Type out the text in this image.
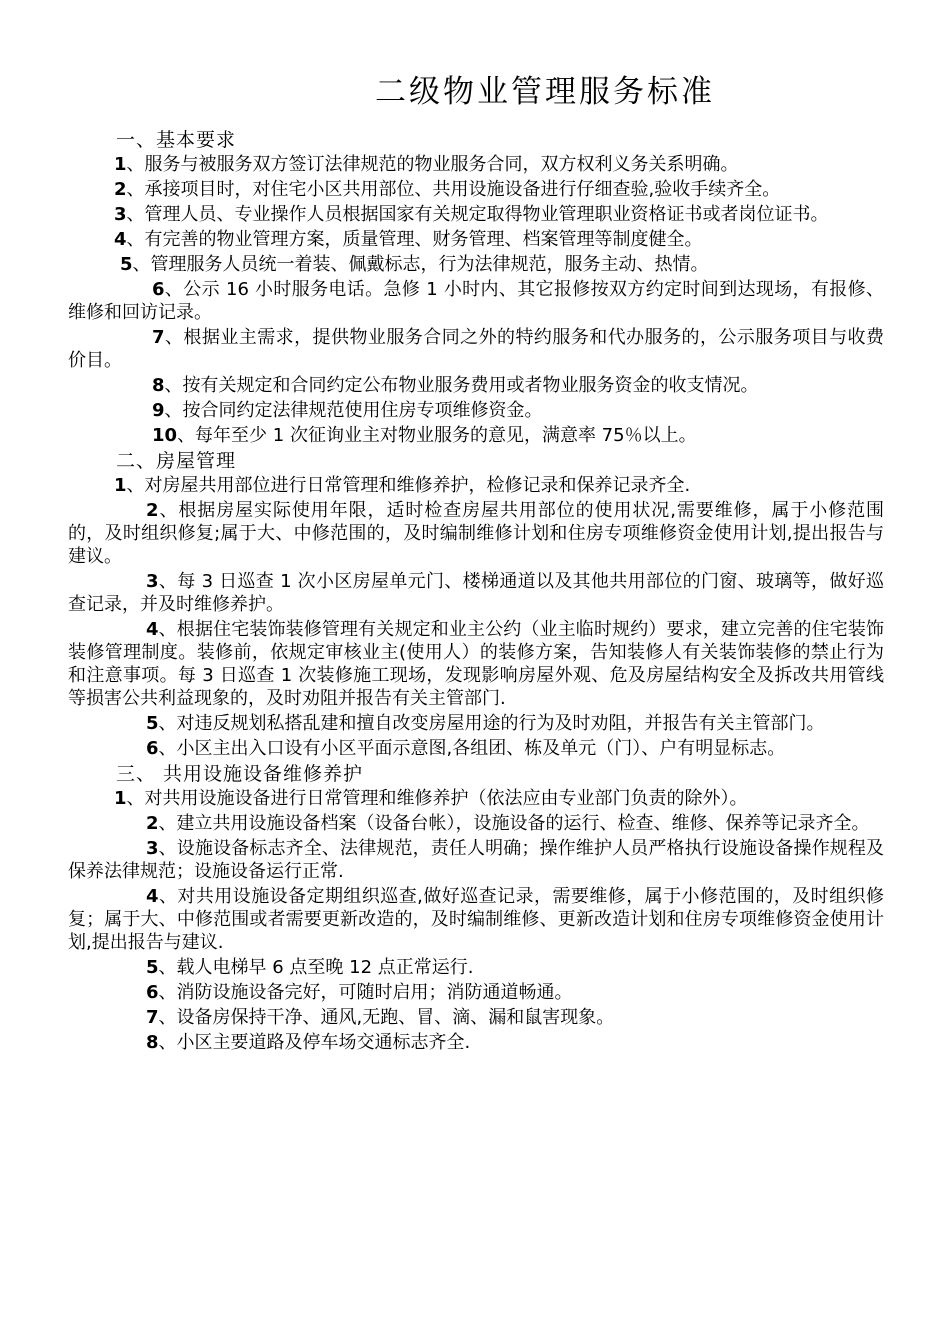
二级物业管理服务标准
一、基本要求
1、服务与被服务双方签订法律规范的物业服务合同，双方权利义务关系明确。
2、承接项目时，对住宅小区共用部位、共用设施设备进行仔细查验,验收手续齐全。
3、管理人员、专业操作人员根据国家有关规定取得物业管理职业资格证书或者岗位证书。
4、有完善的物业管理方案，质量管理、财务管理、档案管理等制度健全。
5、管理服务人员统一着装、佩戴标志，行为法律规范，服务主动、热情。
6、公示 16 小时服务电话。急修 1 小时内、其它报修按双方约定时间到达现场，有报修、维修和回访记录。
7、根据业主需求，提供物业服务合同之外的特约服务和代办服务的，公示服务项目与收费价目。
8、按有关规定和合同约定公布物业服务费用或者物业服务资金的收支情况。
9、按合同约定法律规范使用住房专项维修资金。
10、每年至少 1 次征询业主对物业服务的意见，满意率 75％以上。
二、房屋管理
1、对房屋共用部位进行日常管理和维修养护，检修记录和保养记录齐全.
2、根据房屋实际使用年限，适时检查房屋共用部位的使用状况,需要维修，属于小修范围的，及时组织修复;属于大、中修范围的，及时编制维修计划和住房专项维修资金使用计划,提出报告与建议。
3、每 3 日巡查 1 次小区房屋单元门、楼梯通道以及其他共用部位的门窗、玻璃等，做好巡查记录，并及时维修养护。
4、根据住宅装饰装修管理有关规定和业主公约（业主临时规约）要求，建立完善的住宅装饰装修管理制度。装修前，依规定审核业主(使用人）的装修方案，告知装修人有关装饰装修的禁止行为和注意事项。每 3 日巡查 1 次装修施工现场，发现影响房屋外观、危及房屋结构安全及拆改共用管线等损害公共利益现象的，及时劝阻并报告有关主管部门.
5、对违反规划私搭乱建和擅自改变房屋用途的行为及时劝阻，并报告有关主管部门。
6、小区主出入口设有小区平面示意图,各组团、栋及单元（门）、户有明显标志。
三、 共用设施设备维修养护
1、对共用设施设备进行日常管理和维修养护（依法应由专业部门负责的除外）。
2、建立共用设施设备档案（设备台帐），设施设备的运行、检查、维修、保养等记录齐全。
3、设施设备标志齐全、法律规范，责任人明确；操作维护人员严格执行设施设备操作规程及保养法律规范；设施设备运行正常.
4、对共用设施设备定期组织巡查,做好巡查记录，需要维修，属于小修范围的，及时组织修复；属于大、中修范围或者需要更新改造的，及时编制维修、更新改造计划和住房专项维修资金使用计划,提出报告与建议.
5、载人电梯早 6 点至晚 12 点正常运行.
6、消防设施设备完好，可随时启用；消防通道畅通。
7、设备房保持干净、通风,无跑、冒、滴、漏和鼠害现象。
8、小区主要道路及停车场交通标志齐全.
